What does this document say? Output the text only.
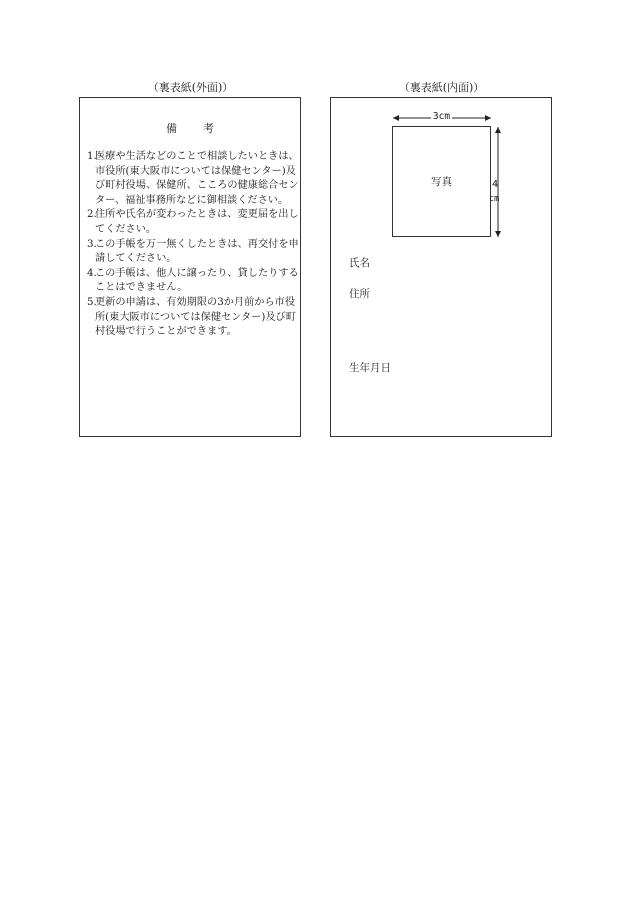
（裏表紙(外面)）	（裏表紙(内面)）
備 考
1.
医療や生活などのことで相談したいときは、市役所(東大阪市については保健センター)及び町村役場、保健所、こころの健康総合センター、福祉事務所などに御相談ください。
2.
住所や氏名が変わったときは、変更届を出してください。
3.
この手帳を万一無くしたときは、再交付を申請してください。
4.
この手帳は、他人に譲ったり、貸したりすることはできません。
5.
更新の申請は、有効期限の3か月前から市役所(東大阪市については保健センター)及び町村役場で行うことができます。
3cm
写真	4
cm
氏名
住所
生年月日
